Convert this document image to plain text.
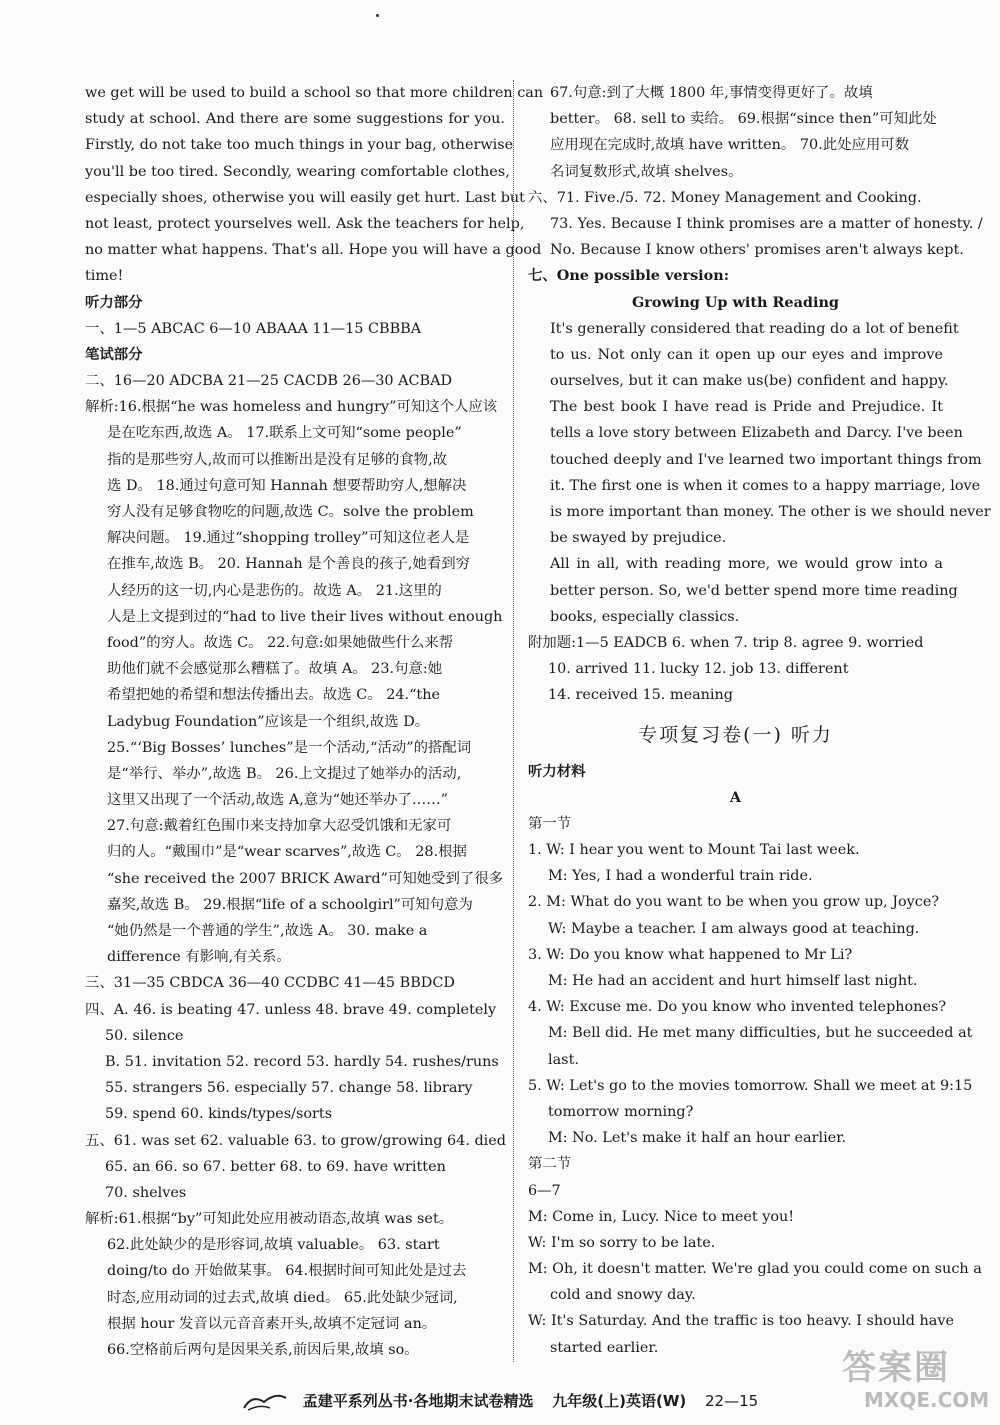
we get will be used to build a school so that more children can
study at school. And there are some suggestions for you.
Firstly, do not take too much things in your bag, otherwise
you'll be too tired. Secondly, wearing comfortable clothes,
especially shoes, otherwise you will easily get hurt. Last but
not least, protect yourselves well. Ask the teachers for help,
no matter what happens. That's all. Hope you will have a good
time!
听力部分
一、1—5 ABCAC 6—10 ABAAA 11—15 CBBBA
笔试部分
二、16—20 ADCBA 21—25 CACDB 26—30 ACBAD
解析:16.根据“he was homeless and hungry”可知这个人应该
是在吃东西,故选 A。 17.联系上文可知“some people”
指的是那些穷人,故而可以推断出是没有足够的食物,故
选 D。 18.通过句意可知 Hannah 想要帮助穷人,想解决
穷人没有足够食物吃的问题,故选 C。solve the problem
解决问题。 19.通过“shopping trolley”可知这位老人是
在推车,故选 B。 20. Hannah 是个善良的孩子,她看到穷
人经历的这一切,内心是悲伤的。故选 A。 21.这里的
人是上文提到过的“had to live their lives without enough
food”的穷人。故选 C。 22.句意:如果她做些什么来帮
助他们就不会感觉那么糟糕了。故填 A。 23.句意:她
希望把她的希望和想法传播出去。故选 C。 24.“the
Ladybug Foundation”应该是一个组织,故选 D。
25.“‘Big Bosses’ lunches”是一个活动,“活动”的搭配词
是“举行、举办”,故选 B。 26.上文提过了她举办的活动,
这里又出现了一个活动,故选 A,意为“她还举办了……”
27.句意:戴着红色围巾来支持加拿大忍受饥饿和无家可
归的人。“戴围巾”是“wear scarves”,故选 C。 28.根据
“she received the 2007 BRICK Award”可知她受到了很多
嘉奖,故选 B。 29.根据“life of a schoolgirl”可知句意为
“她仍然是一个普通的学生”,故选 A。 30. make a
difference 有影响,有关系。
三、31—35 CBDCA 36—40 CCDBC 41—45 BBDCD
四、A. 46. is beating 47. unless 48. brave 49. completely
50. silence
B. 51. invitation 52. record 53. hardly 54. rushes/runs
55. strangers 56. especially 57. change 58. library
59. spend 60. kinds/types/sorts
五、61. was set 62. valuable 63. to grow/growing 64. died
65. an 66. so 67. better 68. to 69. have written
70. shelves
解析:61.根据“by”可知此处应用被动语态,故填 was set。
62.此处缺少的是形容词,故填 valuable。 63. start
doing/to do 开始做某事。 64.根据时间可知此处是过去
时态,应用动词的过去式,故填 died。 65.此处缺少冠词,
根据 hour 发音以元音音素开头,故填不定冠词 an。
66.空格前后两句是因果关系,前因后果,故填 so。
67.句意:到了大概 1800 年,事情变得更好了。故填
better。 68. sell to 卖给。 69.根据“since then”可知此处
应用现在完成时,故填 have written。 70.此处应用可数
名词复数形式,故填 shelves。
六、71. Five./5. 72. Money Management and Cooking.
73. Yes. Because I think promises are a matter of honesty. /
No. Because I know others' promises aren't always kept.
七、One possible version:
Growing Up with Reading
It's generally considered that reading do a lot of benefit
to us. Not only can it open up our eyes and improve
ourselves, but it can make us(be) confident and happy.
The best book I have read is Pride and Prejudice. It
tells a love story between Elizabeth and Darcy. I've been
touched deeply and I've learned two important things from
it. The first one is when it comes to a happy marriage, love
is more important than money. The other is we should never
be swayed by prejudice.
All in all, with reading more, we would grow into a
better person. So, we'd better spend more time reading
books, especially classics.
附加题:1—5 EADCB 6. when 7. trip 8. agree 9. worried
10. arrived 11. lucky 12. job 13. different
14. received 15. meaning
专项复习卷(一) 听力
听力材料
A
第一节
1. W: I hear you went to Mount Tai last week.
M: Yes, I had a wonderful train ride.
2. M: What do you want to be when you grow up, Joyce?
W: Maybe a teacher. I am always good at teaching.
3. W: Do you know what happened to Mr Li?
M: He had an accident and hurt himself last night.
4. W: Excuse me. Do you know who invented telephones?
M: Bell did. He met many difficulties, but he succeeded at
last.
5. W: Let's go to the movies tomorrow. Shall we meet at 9:15
tomorrow morning?
M: No. Let's make it half an hour earlier.
第二节
6—7
M: Come in, Lucy. Nice to meet you!
W: I'm so sorry to be late.
M: Oh, it doesn't matter. We're glad you could come on such a
cold and snowy day.
W: It's Saturday. And the traffic is too heavy. I should have
started earlier.
孟建平系列丛书·各地期末试卷精选 九年级(上)英语(W) 22—15
答案圈
MXQE.COM
